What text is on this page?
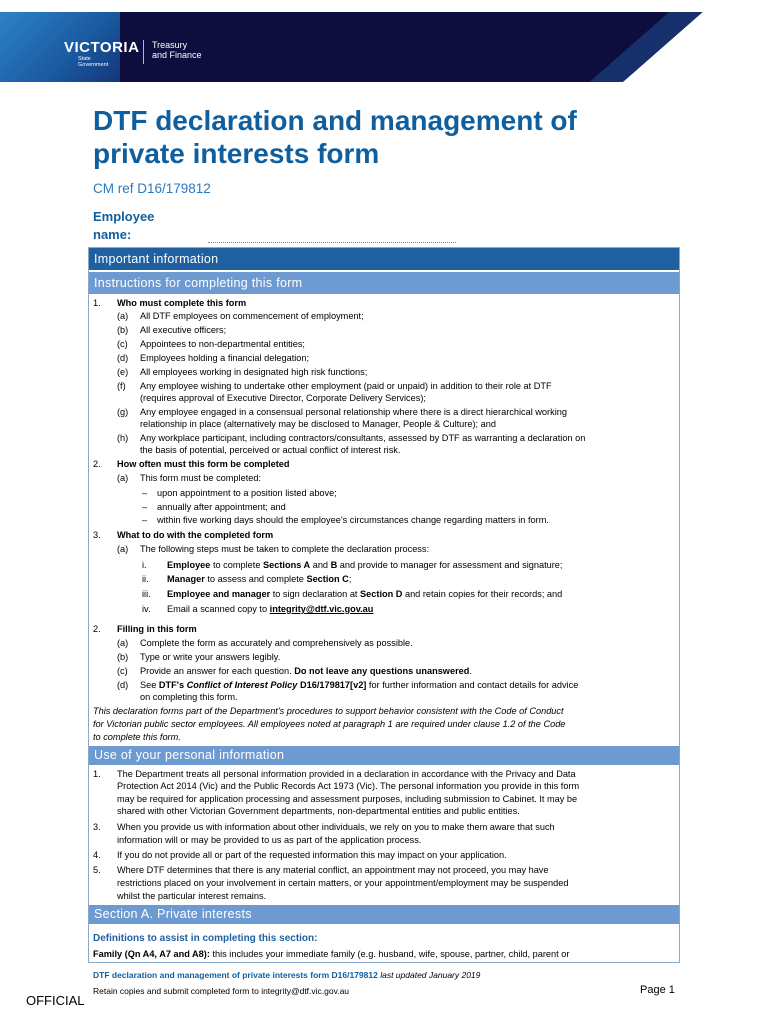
VICTORIA
State
Government
Treasury
and Finance
DTF declaration and management of
private interests form
CM ref D16/179812
Employee
name:
Important information
Instructions for completing this form
1. Who must complete this form
(a) All DTF employees on commencement of employment;
(b) All executive officers;
(c) Appointees to non-departmental entities;
(d) Employees holding a financial delegation;
(e) All employees working in designated high risk functions;
(f) Any employee wishing to undertake other employment (paid or unpaid) in addition to their role at DTF
(requires approval of Executive Director, Corporate Delivery Services);
(g) Any employee engaged in a consensual personal relationship where there is a direct hierarchical working
relationship in place (alternatively may be disclosed to Manager, People & Culture); and
(h) Any workplace participant, including contractors/consultants, assessed by DTF as warranting a declaration on
the basis of potential, perceived or actual conflict of interest risk.
2. How often must this form be completed
(a) This form must be completed:
– upon appointment to a position listed above;
– annually after appointment; and
– within five working days should the employee's circumstances change regarding matters in form.
3. What to do with the completed form
(a) The following steps must be taken to complete the declaration process:
i. Employee to complete Sections A and B and provide to manager for assessment and signature;
ii. Manager to assess and complete Section C;
iii. Employee and manager to sign declaration at Section D and retain copies for their records; and
iv. Email a scanned copy to integrity@dtf.vic.gov.au
2. Filling in this form
(a) Complete the form as accurately and comprehensively as possible.
(b) Type or write your answers legibly.
(c) Provide an answer for each question. Do not leave any questions unanswered.
(d) See DTF's Conflict of Interest Policy D16/179817[v2] for further information and contact details for advice
on completing this form.
This declaration forms part of the Department's procedures to support behavior consistent with the Code of Conduct
for Victorian public sector employees. All employees noted at paragraph 1 are required under clause 1.2 of the Code
to complete this form.
Use of your personal information
1. The Department treats all personal information provided in a declaration in accordance with the Privacy and Data
Protection Act 2014 (Vic) and the Public Records Act 1973 (Vic). The personal information you provide in this form
may be required for application processing and assessment purposes, including submission to Cabinet. It may be
shared with other Victorian Government departments, non-departmental entities and public entities.
3. When you provide us with information about other individuals, we rely on you to make them aware that such
information will or may be provided to us as part of the application process.
4. If you do not provide all or part of the requested information this may impact on your application.
5. Where DTF determines that there is any material conflict, an appointment may not proceed, you may have
restrictions placed on your involvement in certain matters, or your appointment/employment may be suspended
whilst the particular interest remains.
Section A. Private interests
Definitions to assist in completing this section:
Family (Qn A4, A7 and A8): this includes your immediate family (e.g. husband, wife, spouse, partner, child, parent or
DTF declaration and management of private interests form D16/179812 last updated January 2019
Retain copies and submit completed form to integrity@dtf.vic.gov.au	Page 1
OFFICIAL
